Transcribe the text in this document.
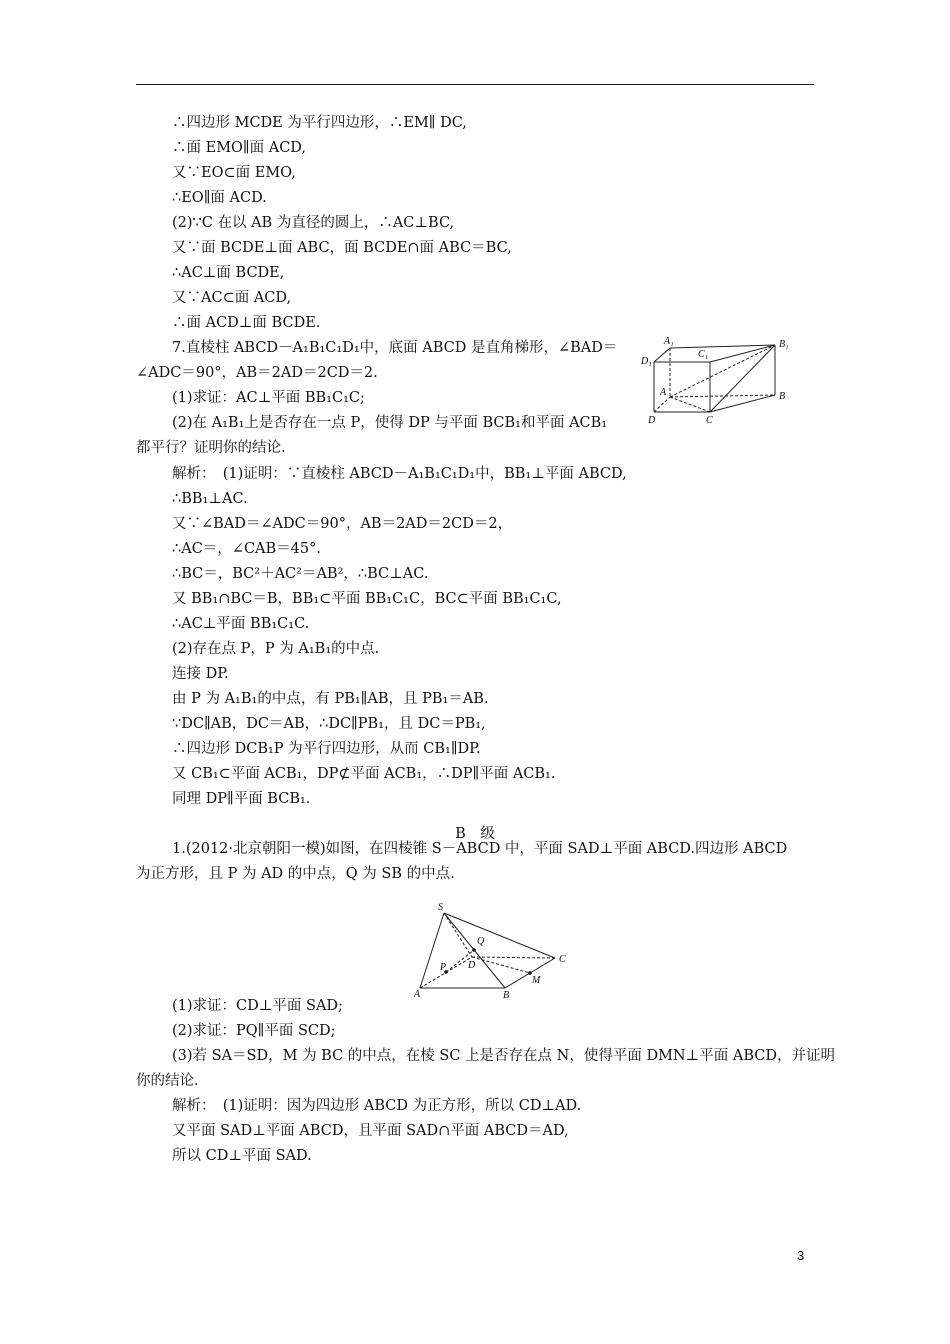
∴四边形 MCDE 为平行四边形，∴EM∥ DC,
∴面 EMO∥面 ACD,
又∵EO⊂面 EMO,
∴EO∥面 ACD.
(2)∵C 在以 AB 为直径的圆上，∴AC⊥BC,
又∵面 BCDE⊥面 ABC，面 BCDE∩面 ABC＝BC,
∴AC⊥面 BCDE,
又∵AC⊂面 ACD,
∴面 ACD⊥面 BCDE.
7.直棱柱 ABCD－A₁B₁C₁D₁中，底面 ABCD 是直角梯形，∠BAD＝
∠ADC＝90°，AB＝2AD＝2CD＝2.
(1)求证：AC⊥平面 BB₁C₁C;
(2)在 A₁B₁上是否存在一点 P，使得 DP 与平面 BCB₁和平面 ACB₁
都平行？证明你的结论.
解析：　(1)证明：∵直棱柱 ABCD－A₁B₁C₁D₁中，BB₁⊥平面 ABCD,
∴BB₁⊥AC.
又∵∠BAD＝∠ADC＝90°，AB＝2AD＝2CD＝2，
∴AC＝，∠CAB＝45°.
∴BC＝，BC²＋AC²＝AB²，∴BC⊥AC.
又 BB₁∩BC＝B，BB₁⊂平面 BB₁C₁C，BC⊂平面 BB₁C₁C,
∴AC⊥平面 BB₁C₁C.
(2)存在点 P，P 为 A₁B₁的中点.
连接 DP.
由 P 为 A₁B₁的中点，有 PB₁∥AB，且 PB₁＝AB.
∵DC∥AB，DC＝AB，∴DC∥PB₁，且 DC＝PB₁,
∴四边形 DCB₁P 为平行四边形，从而 CB₁∥DP.
又 CB₁⊂平面 ACB₁，DP⊄平面 ACB₁，∴DP∥平面 ACB₁.
同理 DP∥平面 BCB₁.
1.(2012·北京朝阳一模)如图，在四棱锥 S－ABCD 中，平面 SAD⊥平面 ABCD.四边形 ABCD
为正方形，且 P 为 AD 的中点，Q 为 SB 的中点.
(1)求证：CD⊥平面 SAD;
(2)求证：PQ∥平面 SCD;
(3)若 SA＝SD，M 为 BC 的中点，在棱 SC 上是否存在点 N，使得平面 DMN⊥平面 ABCD，并证明
你的结论.
解析：　(1)证明：因为四边形 ABCD 为正方形，所以 CD⊥AD.
又平面 SAD⊥平面 ABCD，且平面 SAD∩平面 ABCD＝AD,
所以 CD⊥平面 SAD.
B　级
A₁	B₁
C₁
D₁
A	B
C
D
S
Q
D
C
P
M
A	B
3
